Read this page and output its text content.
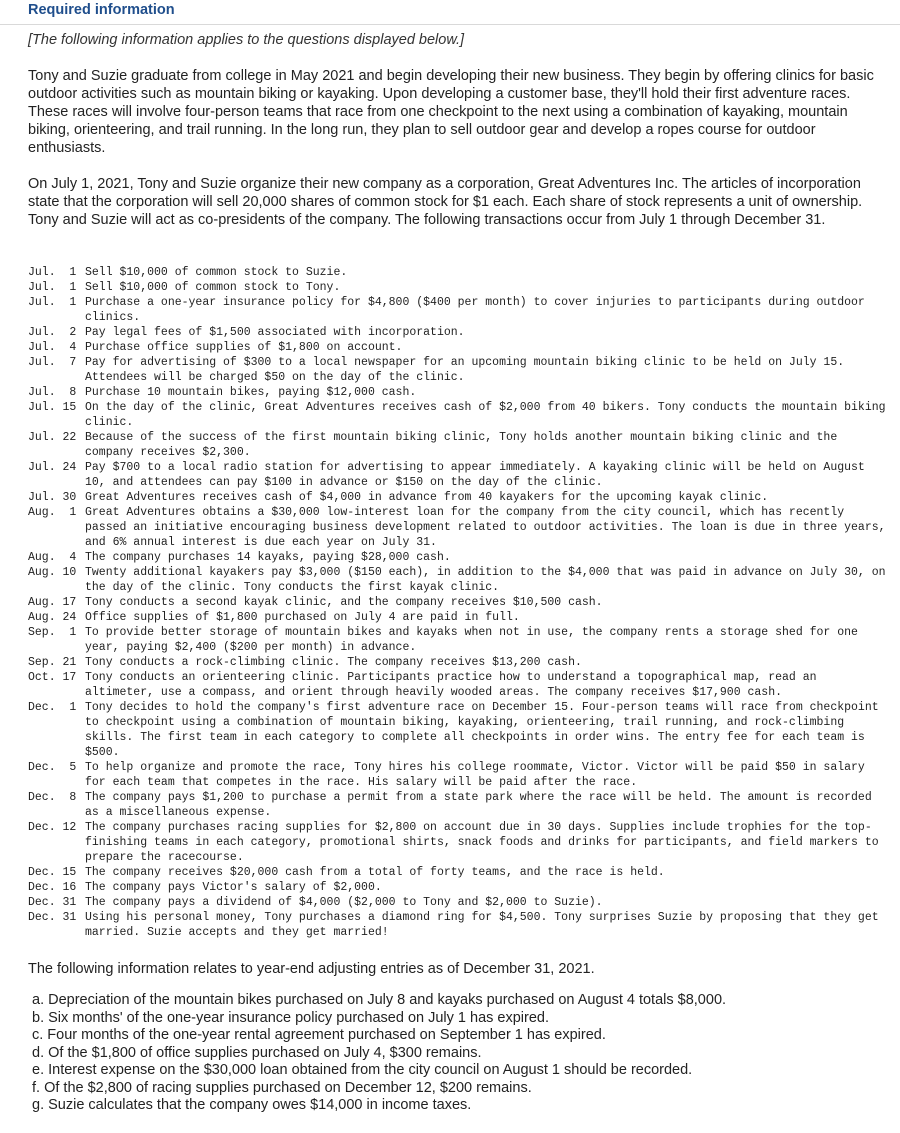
Required information
[The following information applies to the questions displayed below.]

Tony and Suzie graduate from college in May 2021 and begin developing their new business. They begin by offering clinics for basic outdoor activities such as mountain biking or kayaking. Upon developing a customer base, they'll hold their first adventure races. These races will involve four-person teams that race from one checkpoint to the next using a combination of kayaking, mountain biking, orienteering, and trail running. In the long run, they plan to sell outdoor gear and develop a ropes course for outdoor enthusiasts.

On July 1, 2021, Tony and Suzie organize their new company as a corporation, Great Adventures Inc. The articles of incorporation state that the corporation will sell 20,000 shares of common stock for $1 each. Each share of stock represents a unit of ownership. Tony and Suzie will act as co-presidents of the company. The following transactions occur from July 1 through December 31.

Jul.  1 Sell $10,000 of common stock to Suzie.
Jul.  1 Sell $10,000 of common stock to Tony.
Jul.  1 Purchase a one-year insurance policy for $4,800 ($400 per month) to cover injuries to participants during outdoor clinics.
Jul.  2 Pay legal fees of $1,500 associated with incorporation.
Jul.  4 Purchase office supplies of $1,800 on account.
Jul.  7 Pay for advertising of $300 to a local newspaper for an upcoming mountain biking clinic to be held on July 15. Attendees will be charged $50 on the day of the clinic.
Jul.  8 Purchase 10 mountain bikes, paying $12,000 cash.
Jul. 15 On the day of the clinic, Great Adventures receives cash of $2,000 from 40 bikers. Tony conducts the mountain biking clinic.
Jul. 22 Because of the success of the first mountain biking clinic, Tony holds another mountain biking clinic and the company receives $2,300.
Jul. 24 Pay $700 to a local radio station for advertising to appear immediately. A kayaking clinic will be held on August 10, and attendees can pay $100 in advance or $150 on the day of the clinic.
Jul. 30 Great Adventures receives cash of $4,000 in advance from 40 kayakers for the upcoming kayak clinic.
Aug.  1 Great Adventures obtains a $30,000 low-interest loan for the company from the city council, which has recently passed an initiative encouraging business development related to outdoor activities. The loan is due in three years, and 6% annual interest is due each year on July 31.
Aug.  4 The company purchases 14 kayaks, paying $28,000 cash.
Aug. 10 Twenty additional kayakers pay $3,000 ($150 each), in addition to the $4,000 that was paid in advance on July 30, on the day of the clinic. Tony conducts the first kayak clinic.
Aug. 17 Tony conducts a second kayak clinic, and the company receives $10,500 cash.
Aug. 24 Office supplies of $1,800 purchased on July 4 are paid in full.
Sep.  1 To provide better storage of mountain bikes and kayaks when not in use, the company rents a storage shed for one year, paying $2,400 ($200 per month) in advance.
Sep. 21 Tony conducts a rock-climbing clinic. The company receives $13,200 cash.
Oct. 17 Tony conducts an orienteering clinic. Participants practice how to understand a topographical map, read an altimeter, use a compass, and orient through heavily wooded areas. The company receives $17,900 cash.
Dec.  1 Tony decides to hold the company's first adventure race on December 15. Four-person teams will race from checkpoint to checkpoint using a combination of mountain biking, kayaking, orienteering, trail running, and rock-climbing skills. The first team in each category to complete all checkpoints in order wins. The entry fee for each team is $500.
Dec.  5 To help organize and promote the race, Tony hires his college roommate, Victor. Victor will be paid $50 in salary for each team that competes in the race. His salary will be paid after the race.
Dec.  8 The company pays $1,200 to purchase a permit from a state park where the race will be held. The amount is recorded as a miscellaneous expense.
Dec. 12 The company purchases racing supplies for $2,800 on account due in 30 days. Supplies include trophies for the top-finishing teams in each category, promotional shirts, snack foods and drinks for participants, and field markers to prepare the racecourse.
Dec. 15 The company receives $20,000 cash from a total of forty teams, and the race is held.
Dec. 16 The company pays Victor's salary of $2,000.
Dec. 31 The company pays a dividend of $4,000 ($2,000 to Tony and $2,000 to Suzie).
Dec. 31 Using his personal money, Tony purchases a diamond ring for $4,500. Tony surprises Suzie by proposing that they get married. Suzie accepts and they get married!
The following information relates to year-end adjusting entries as of December 31, 2021.
a. Depreciation of the mountain bikes purchased on July 8 and kayaks purchased on August 4 totals $8,000.
b. Six months' of the one-year insurance policy purchased on July 1 has expired.
c. Four months of the one-year rental agreement purchased on September 1 has expired.
d. Of the $1,800 of office supplies purchased on July 4, $300 remains.
e. Interest expense on the $30,000 loan obtained from the city council on August 1 should be recorded.
f. Of the $2,800 of racing supplies purchased on December 12, $200 remains.
g. Suzie calculates that the company owes $14,000 in income taxes.
